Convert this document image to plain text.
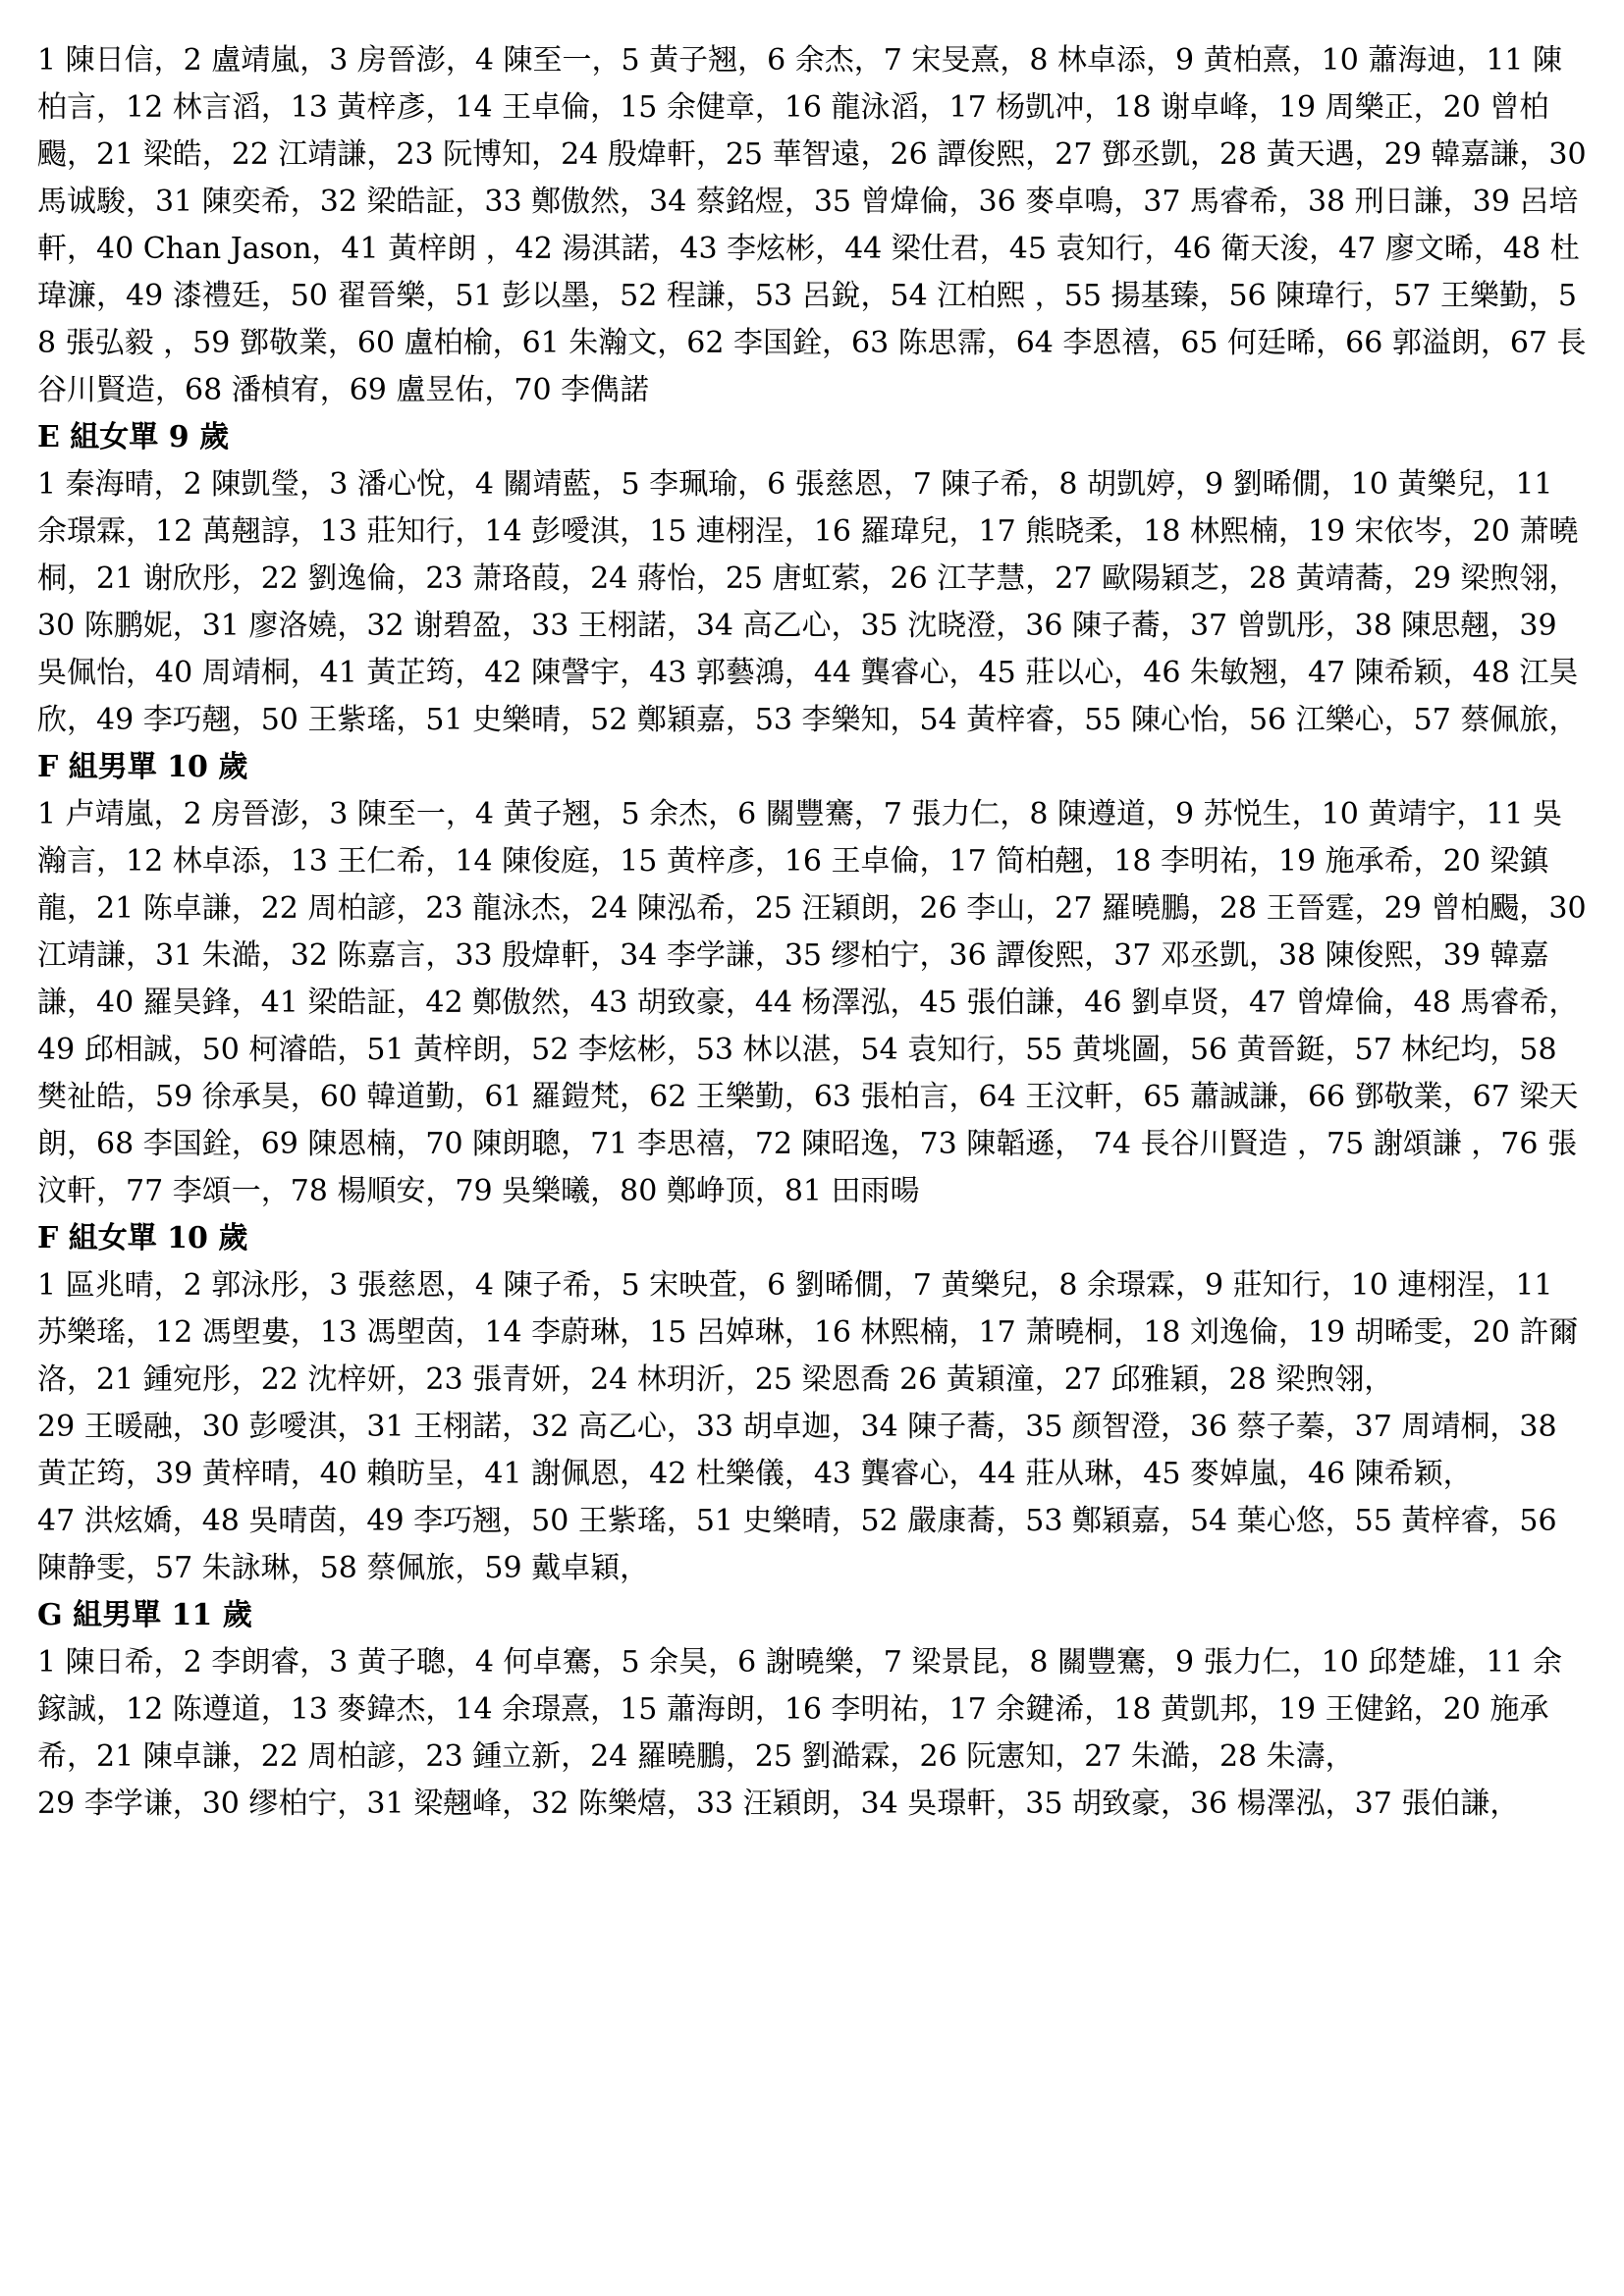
1 陳日信，2 盧靖嵐，3 房晉澎，4 陳至一，5 黃子翘，6 余杰，7 宋旻熹，8 林卓添，9 黄柏熹，10 蕭海迪，11 陳柏言，12 林言滔，13 黃梓彥，14 王卓倫，15 余健章，16 龍泳滔，17 杨凱冲，18 谢卓峰，19 周樂正，20 曾柏颺，21 梁皓，22 江靖謙，23 阮博知，24 殷煒軒，25 華智遠，26 譚俊熙，27 鄧丞凱，28 黃天遇，29 韓嘉謙，30 馬诚駿，31 陳奕希，32 梁皓証，33 鄭傲然，34 蔡銘煜，35 曾煒倫，36 麥卓鳴，37 馬睿希，38 刑日謙，39 呂培軒，40 Chan Jason，41 黃梓朗 ，42 湯淇諾，43 李炫彬，44 梁仕君，45 袁知行，46 衛天浚，47 廖文晞，48 杜瑋濂，49 漆禮廷，50 翟晉樂，51 彭以墨，52 程謙，53 呂銳，54 江柏熙 ，55 揚基臻，56 陳瑋行，57 王樂勤，58 張弘毅 ，59 鄧敬業，60 盧柏榆，61 朱瀚文，62 李国銓，63 陈思霈，64 李恩禧，65 何廷晞，66 郭溢朗，67 長谷川賢造，68 潘楨宥，69 盧昱佑，70 李儁諾

E 組女單 9 歲

1 秦海晴，2 陳凱瑩，3 潘心悅，4 關靖藍，5 李珮瑜，6 張慈恩，7 陳子希，8 胡凱婷，9 劉晞僩，10 黃樂兒，11 余璟霖，12 萬翹諄，13 莊知行，14 彭噯淇，15 連栩浧，16 羅瑋兒，17 熊晓柔，18 林熙楠，19 宋依岑，20 萧曉桐，21 谢欣彤，22 劉逸倫，23 萧珞葭，24 蔣怡，25 唐虹萦，26 江芓慧，27 歐陽穎芝，28 黃靖蕎，29 梁煦翎，30 陈鹏妮，31 廖洛嬈，32 谢碧盈，33 王栩諾，34 高乙心，35 沈晓澄，36 陳子蕎，37 曾凱彤，38 陳思翹，39 吳佩怡，40 周靖桐，41 黃芷筠，42 陳謦宇，43 郭藝鴻，44 龔睿心，45 莊以心，46 朱敏翘，47 陳希颖，48 江昊欣，49 李巧翹，50 王紫瑤，51 史樂晴，52 鄭穎嘉，53 李樂知，54 黃梓睿，55 陳心怡，56 江樂心，57 蔡佩旅，

F 組男單 10 歲

1 卢靖嵐，2 房晉澎，3 陳至一，4 黄子翘，5 余杰，6 關豐騫，7 張力仁，8 陳遵道，9 苏悦生，10 黄靖宇，11 吳瀚言，12 林卓添，13 王仁希，14 陳俊庭，15 黄梓彥，16 王卓倫，17 简柏翹，18 李明祐，19 施承希，20 梁鎮龍，21 陈卓謙，22 周柏諺，23 龍泳杰，24 陳泓希，25 汪穎朗，26 李山，27 羅曉鵬，28 王晉霆，29 曾柏颺，30 江靖謙，31 朱澔，32 陈嘉言，33 殷煒軒，34 李学謙，35 缪柏宁，36 譚俊熙，37 邓丞凱，38 陳俊熙，39 韓嘉謙，40 羅昊鋒，41 梁皓証，42 鄭傲然，43 胡致豪，44 杨澤泓，45 張伯謙，46 劉卓贤，47 曾煒倫，48 馬睿希，49 邱相誠，50 柯濬皓，51 黃梓朗，52 李炫彬，53 林以湛，54 袁知行，55 黄垗圖，56 黄晉鋌，57 林纪均，58 樊祉皓，59 徐承昊，60 韓道勤，61 羅鎧梵，62 王樂勤，63 張柏言，64 王汶軒，65 蕭誠謙，66 鄧敬業，67 梁天朗，68 李国銓，69 陳恩楠，70 陳朗聰，71 李思禧，72 陳昭逸，73 陳韜遜， 74 長谷川賢造 ，75 謝頌謙 ，76 張汶軒，77 李頌一，78 楊順安，79 吳樂曦，80 鄭峥顶，81 田雨暘

F 組女單 10 歲

1 區兆晴，2 郭泳彤，3 張慈恩，4 陳子希，5 宋映萓，6 劉晞僩，7 黄樂兒，8 余璟霖，9 莊知行，10 連栩浧，11 苏樂瑤，12 馮塱婁，13 馮塱茵，14 李蔚琳，15 呂婥琳，16 林熙楠，17 萧曉桐，18 刘逸倫，19 胡晞雯，20 許爾洛，21 鍾宛彤，22 沈梓妍，23 張青妍，24 林玥沂，25 梁恩喬 26 黃穎潼，27 邱雅穎，28 梁煦翎，

29 王暖融，30 彭噯淇，31 王栩諾，32 高乙心，33 胡卓迦，34 陳子蕎，35 颜智澄，36 蔡子蓁，37 周靖桐，38 黄芷筠，39 黄梓晴，40 賴昉呈，41 謝佩恩，42 杜樂儀，43 龔睿心，44 莊从琳，45 麥婥嵐，46 陳希颖，

47 洪炫嬌，48 吳晴茵，49 李巧翘，50 王紫瑤，51 史樂晴，52 嚴康蕎，53 鄭穎嘉，54 葉心悠，55 黃梓睿，56 陳静雯，57 朱詠琳，58 蔡佩旅，59 戴卓穎，

G 組男單 11 歲

1 陳日希，2 李朗睿，3 黄子聰，4 何卓騫，5 余昊，6 謝曉樂，7 梁景昆，8 關豐騫，9 張力仁，10 邱楚雄，11 余鎵誠，12 陈遵道，13 麥鍏杰，14 余璟熹，15 蕭海朗，16 李明祐，17 余鍵浠，18 黄凱邦，19 王健銘，20 施承希，21 陳卓謙，22 周柏諺，23 鍾立新，24 羅曉鵬，25 劉澔霖，26 阮憲知，27 朱澔，28 朱濤，

29 李学谦，30 缪柏宁，31 梁翹峰，32 陈樂熺，33 汪穎朗，34 吳璟軒，35 胡致豪，36 楊澤泓，37 張伯謙，
